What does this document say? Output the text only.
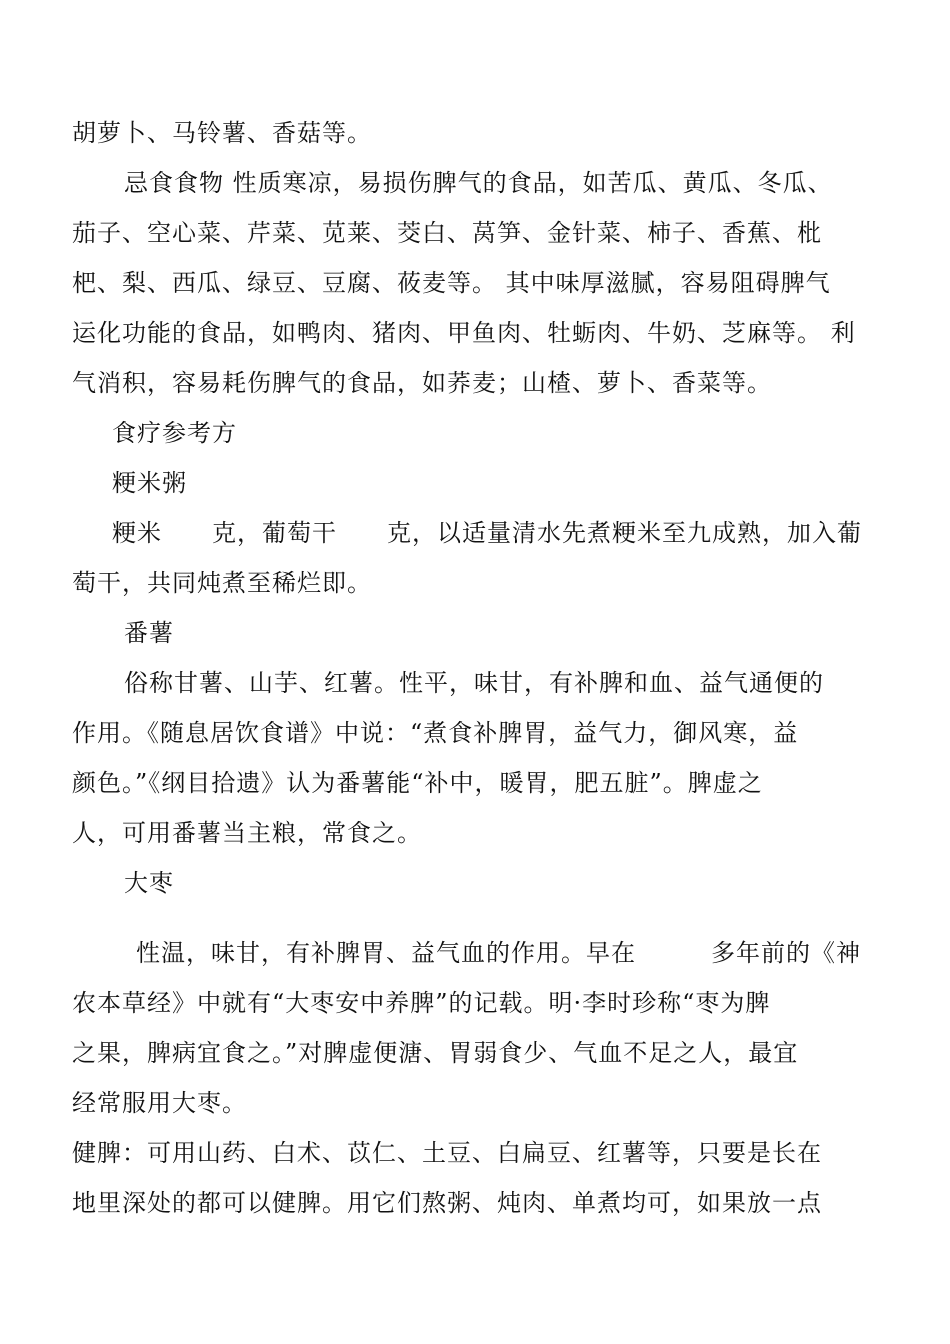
胡萝卜、马铃薯、香菇等。
忌食食物 性质寒凉，易损伤脾气的食品，如苦瓜、黄瓜、冬瓜、
茄子、空心菜、芹菜、苋莱、茭白、莴笋、金针菜、柿子、香蕉、枇
杷、梨、西瓜、绿豆、豆腐、莜麦等。 其中味厚滋腻，容易阻碍脾气
运化功能的食品，如鸭肉、猪肉、甲鱼肉、牡蛎肉、牛奶、芝麻等。 利
气消积，容易耗伤脾气的食品，如荞麦；山楂、萝卜、香菜等。
食疗参考方
粳米粥
粳米　　克，葡萄干　　克，以适量清水先煮粳米至九成熟，加入葡
萄干，共同炖煮至稀烂即。
番薯
俗称甘薯、山芋、红薯。性平，味甘，有补脾和血、益气通便的
作用。《随息居饮食谱》中说：“煮食补脾胃，益气力，御风寒，益
颜色。”《纲目拾遗》认为番薯能“补中，暖胃，肥五脏”。脾虚之
人，可用番薯当主粮，常食之。
大枣
性温，味甘，有补脾胃、益气血的作用。早在　　　多年前的《神
农本草经》中就有“大枣安中养脾”的记载。明·李时珍称“枣为脾
之果，脾病宜食之。”对脾虚便溏、胃弱食少、气血不足之人，最宜
经常服用大枣。
健脾：可用山药、白术、苡仁、土豆、白扁豆、红薯等，只要是长在
地里深处的都可以健脾。用它们熬粥、炖肉、单煮均可，如果放一点
